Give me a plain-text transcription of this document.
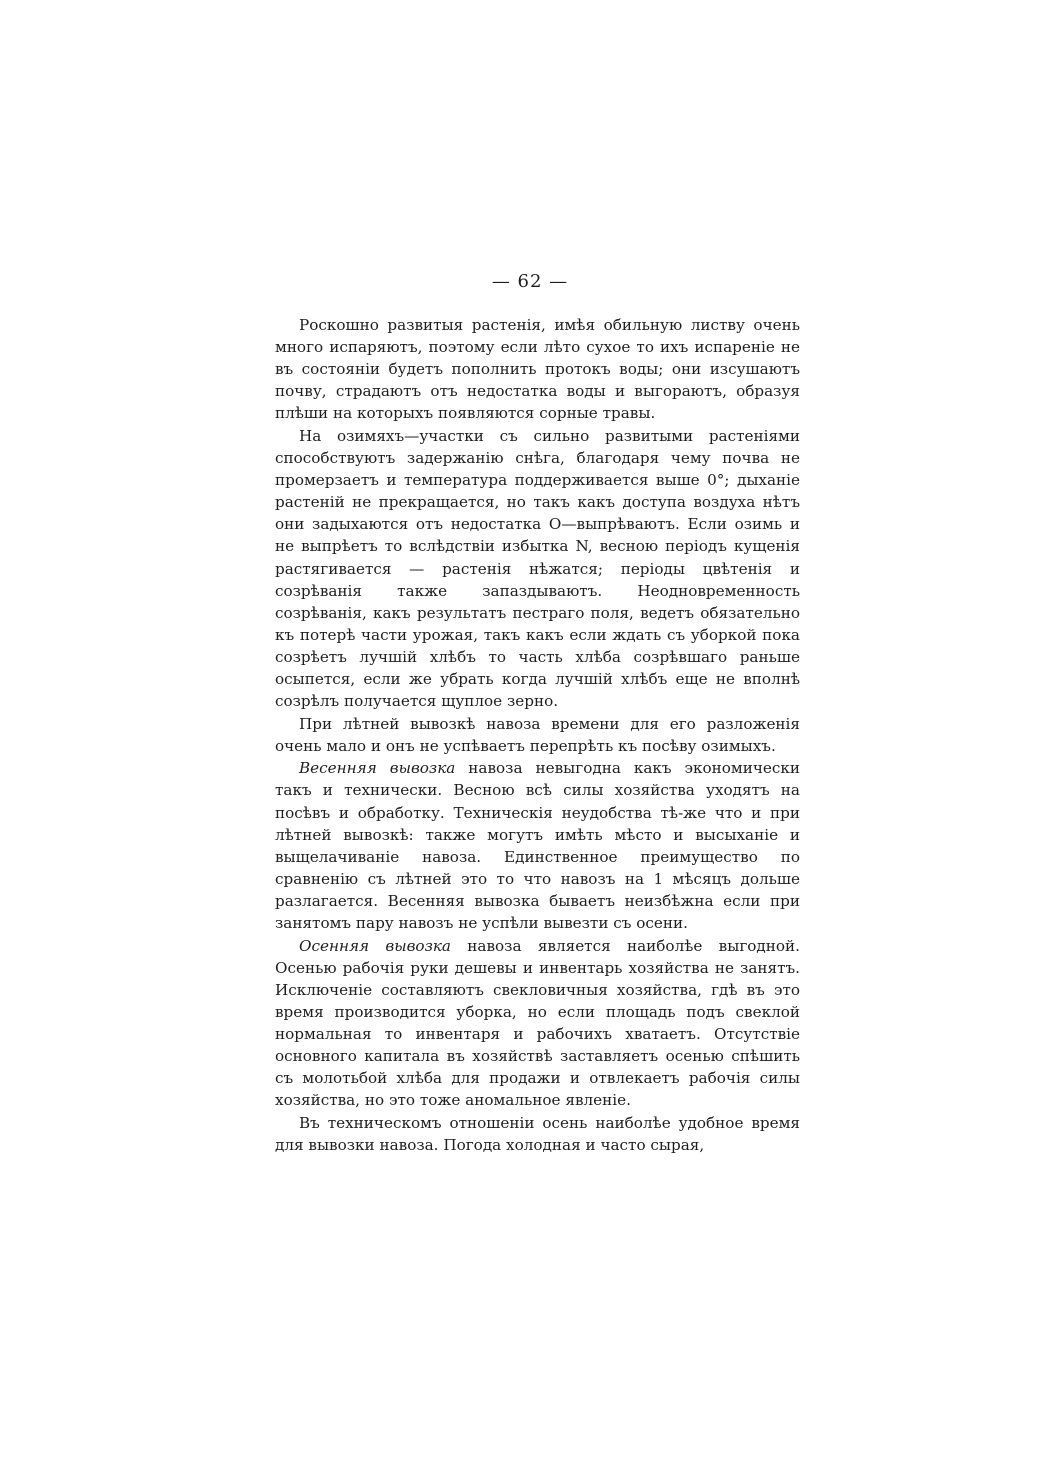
— 62 —

Роскошно развитыя растенія, имѣя обильную листву очень много испаряютъ, поэтому если лѣто сухое то ихъ испареніе не въ состояніи будетъ пополнить протокъ воды; они изсушаютъ почву, страдаютъ отъ недостатка воды и выгораютъ, образуя плѣши на которыхъ появляются сорные травы.

На озимяхъ—участки съ сильно развитыми растеніями способствуютъ задержанію снѣга, благодаря чему почва не промерзаетъ и температура поддерживается выше 0°; дыханіе растеній не прекращается, но такъ какъ доступа воздуха нѣтъ они задыхаются отъ недостатка O—выпрѣваютъ. Если озимь и не выпрѣетъ то вслѣдствіи избытка N, весною періодъ кущенія растягивается — растенія нѣжатся; періоды цвѣтенія и созрѣванія также запаздываютъ. Неодновременность созрѣванія, какъ результатъ пестраго поля, ведетъ обязательно къ потерѣ части урожая, такъ какъ если ждать съ уборкой пока созрѣетъ лучшій хлѣбъ то часть хлѣба созрѣвшаго раньше осыпется, если же убрать когда лучшій хлѣбъ еще не вполнѣ созрѣлъ получается щуплое зерно.

При лѣтней вывозкѣ навоза времени для его разложенія очень мало и онъ не успѣваетъ перепрѣть къ посѣву озимыхъ.

Весенняя вывозка навоза невыгодна какъ экономически такъ и технически. Весною всѣ силы хозяйства уходятъ на посѣвъ и обработку. Техническія неудобства тѣ-же что и при лѣтней вывозкѣ: также могутъ имѣть мѣсто и высыханіе и выщелачиваніе навоза. Единственное преимущество по сравненію съ лѣтней это то что навозъ на 1 мѣсяцъ дольше разлагается. Весенняя вывозка бываетъ неизбѣжна если при занятомъ пару навозъ не успѣли вывезти съ осени.

Осенняя вывозка навоза является наиболѣе выгодной. Осенью рабочія руки дешевы и инвентарь хозяйства не занятъ. Исключеніе составляютъ свекловичныя хозяйства, гдѣ въ это время производится уборка, но если площадь подъ свеклой нормальная то инвентаря и рабочихъ хватаетъ. Отсутствіе основного капитала въ хозяйствѣ заставляетъ осенью спѣшить съ молотьбой хлѣба для продажи и отвлекаетъ рабочія силы хозяйства, но это тоже аномальное явленіе.

Въ техническомъ отношеніи осень наиболѣе удобное время для вывозки навоза. Погода холодная и часто сырая,
